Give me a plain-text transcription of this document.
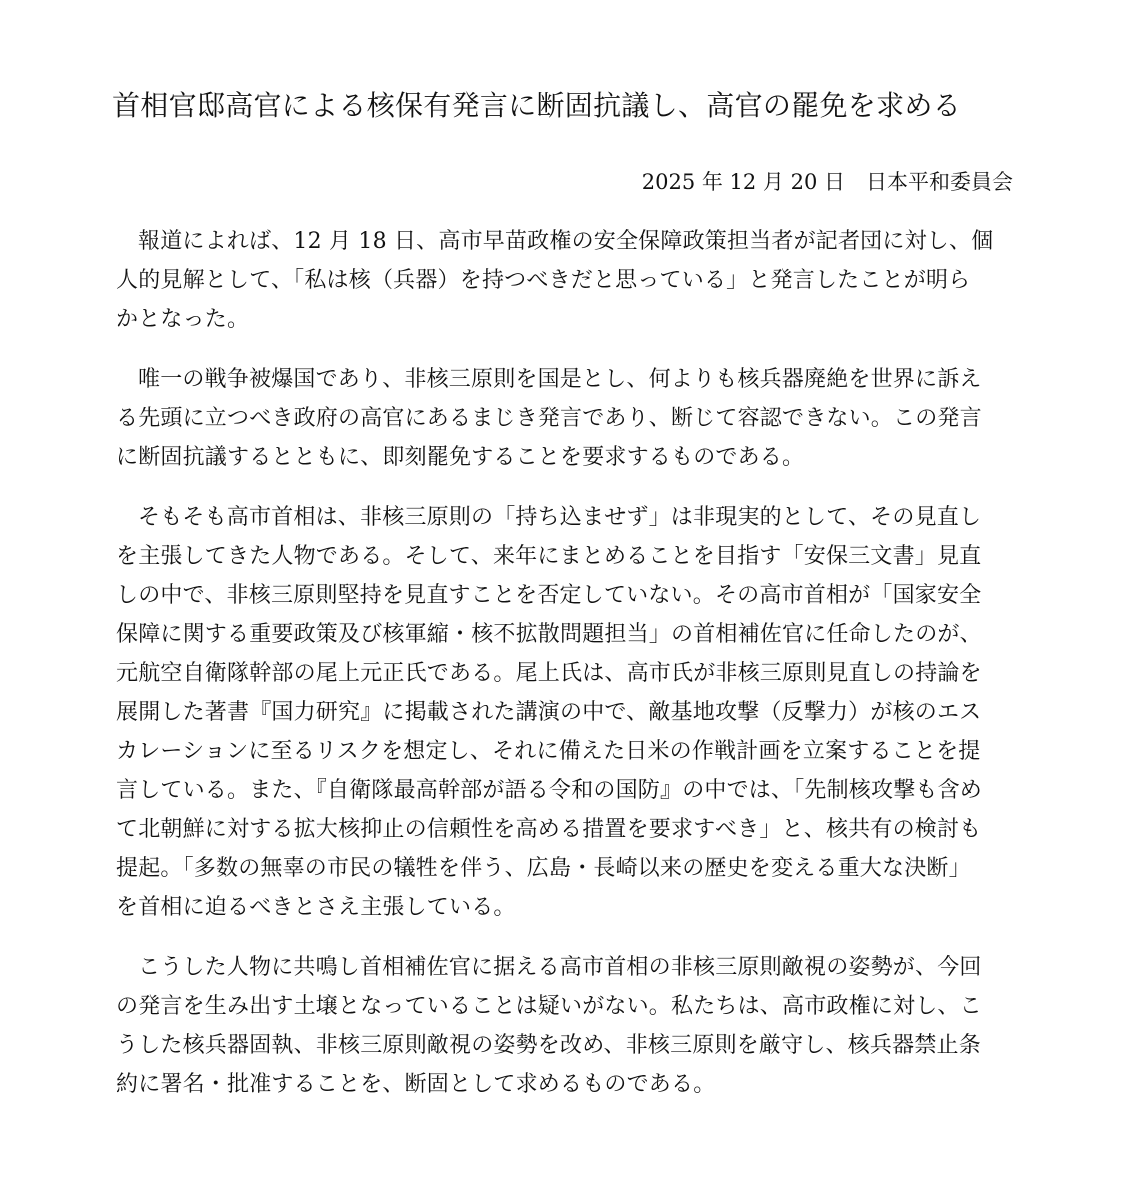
首相官邸高官による核保有発言に断固抗議し、高官の罷免を求める
2025 年 12 月 20 日　日本平和委員会

報道によれば、12 月 18 日、高市早苗政権の安全保障政策担当者が記者団に対し、個
人的見解として、「私は核（兵器）を持つべきだと思っている」と発言したことが明ら
かとなった。

唯一の戦争被爆国であり、非核三原則を国是とし、何よりも核兵器廃絶を世界に訴え
る先頭に立つべき政府の高官にあるまじき発言であり、断じて容認できない。この発言
に断固抗議するとともに、即刻罷免することを要求するものである。

そもそも高市首相は、非核三原則の「持ち込ませず」は非現実的として、その見直し
を主張してきた人物である。そして、来年にまとめることを目指す「安保三文書」見直
しの中で、非核三原則堅持を見直すことを否定していない。その高市首相が「国家安全
保障に関する重要政策及び核軍縮・核不拡散問題担当」の首相補佐官に任命したのが、
元航空自衛隊幹部の尾上元正氏である。尾上氏は、高市氏が非核三原則見直しの持論を
展開した著書『国力研究』に掲載された講演の中で、敵基地攻撃（反撃力）が核のエス
カレーションに至るリスクを想定し、それに備えた日米の作戦計画を立案することを提
言している。また、『自衛隊最高幹部が語る令和の国防』の中では、「先制核攻撃も含め
て北朝鮮に対する拡大核抑止の信頼性を高める措置を要求すべき」と、核共有の検討も
提起。「多数の無辜の市民の犠牲を伴う、広島・長崎以来の歴史を変える重大な決断」
を首相に迫るべきとさえ主張している。

こうした人物に共鳴し首相補佐官に据える高市首相の非核三原則敵視の姿勢が、今回
の発言を生み出す土壌となっていることは疑いがない。私たちは、高市政権に対し、こ
うした核兵器固執、非核三原則敵視の姿勢を改め、非核三原則を厳守し、核兵器禁止条
約に署名・批准することを、断固として求めるものである。
